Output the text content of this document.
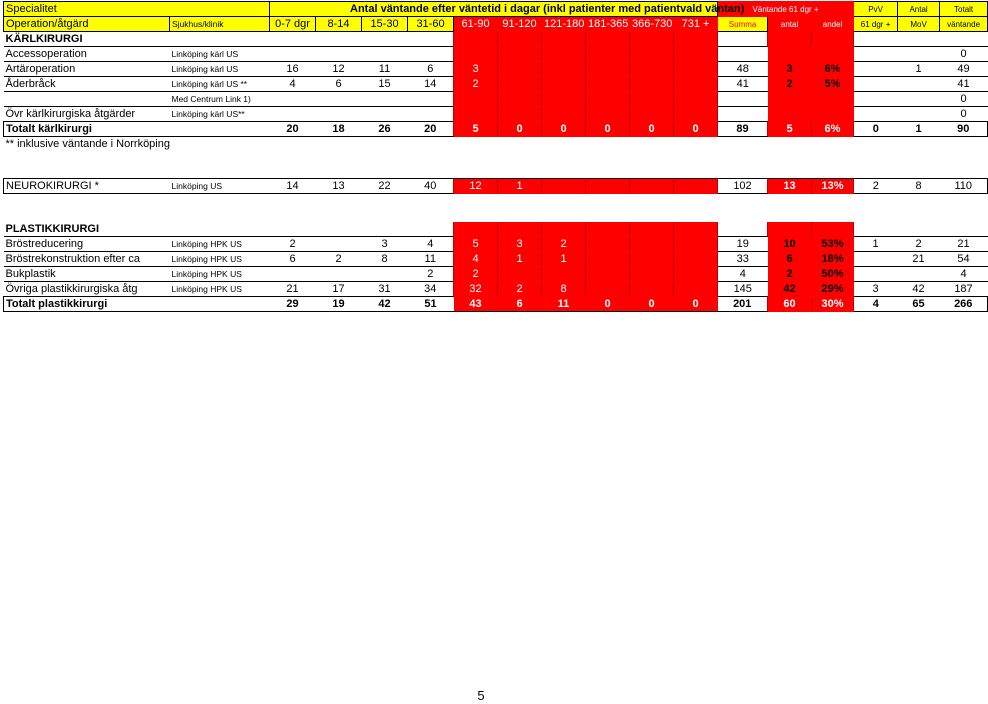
Specialitet		Antal väntande efter väntetid i dagar (inkl patienter med patientvald väntan)										Väntande 61 dgr +			PvV	Antal	Totalt
Operation/åtgärd	Sjukhus/klinik	0-7 dgr	8-14	15-30	31-60	61-90	91-120	121-180	181-365	366-730	731 +	Summa	antal	andel	61 dgr +	MoV	väntande
KÄRLKIRURGI																	
Accessoperation	Linköping kärl US																0
Artäroperation	Linköping kärl US	16	12	11	6	3						48	3	6%		1	49
Åderbråck	Linköping kärl US **	4	6	15	14	2						41	2	5%			41
	Med Centrum Link 1)																0
Övr kärlkirurgiska åtgärder	Linköping kärl US**																0
Totalt kärlkirurgi		20	18	26	20	5	0	0	0	0	0	89	5	6%	0	1	90
** inklusive väntande i Norrköping																	
NEUROKIRURGI *	Linköping US	14	13	22	40	12	1					102	13	13%	2	8	110
PLASTIKKIRURGI																	
Bröstreducering	Linköping HPK US	2		3	4	5	3	2				19	10	53%	1	2	21
Bröstrekonstruktion efter ca	Linköping HPK US	6	2	8	11	4	1	1				33	6	18%		21	54
Bukplastik	Linköping HPK US				2	2						4	2	50%			4
Övriga plastikkirurgiska åtg	Linköping HPK US	21	17	31	34	32	2	8				145	42	29%	3	42	187
Totalt plastikkirurgi		29	19	42	51	43	6	11	0	0	0	201	60	30%	4	65	266
5
